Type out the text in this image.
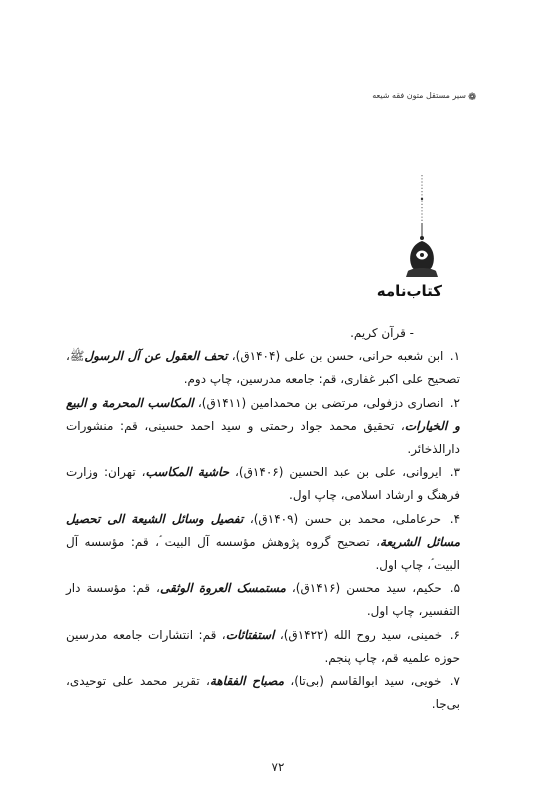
سیر مستقل متون فقه شیعه ❁
کتاب‌نامه

- قرآن کریم.

۱. ابن شعبه حرانی، حسن بن علی (۱۴۰۴ق)، تحف العقول عن آل الرسولﷺ، تصحیح علی اکبر غفاری، قم: جامعه مدرسین، چاپ دوم.

۲. انصاری دزفولی، مرتضی بن محمدامین (۱۴۱۱ق)، المکاسب المحرمة و البیع و الخیارات، تحقیق محمد جواد رحمتی و سید احمد حسینی، قم: منشورات دارالذخائر.

۳. ایروانی، علی بن عبد الحسین (۱۴۰۶ق)، حاشیة المکاسب، تهران: وزارت فرهنگ و ارشاد اسلامی، چاپ اول.

۴. حرعاملی، محمد بن حسن (۱۴۰۹ق)، تفصیل وسائل الشیعة الی تحصیل مسائل الشریعة، تصحیح گروه پژوهش مؤسسه آل البیت ؑ، قم: مؤسسه آل البیت ؑ، چاپ اول.

۵. حکیم، سید محسن (۱۴۱۶ق)، مستمسک العروة الوثقی، قم: مؤسسة دار التفسیر، چاپ اول.

۶. خمینی، سید روح الله (۱۴۲۲ق)، استفتائات، قم: انتشارات جامعه مدرسین حوزه علمیه قم، چاپ پنجم.

۷. خویی، سید ابوالقاسم (بی‌تا)، مصباح الفقاهة، تقریر محمد علی توحیدی، بی‌جا.

۷۲
